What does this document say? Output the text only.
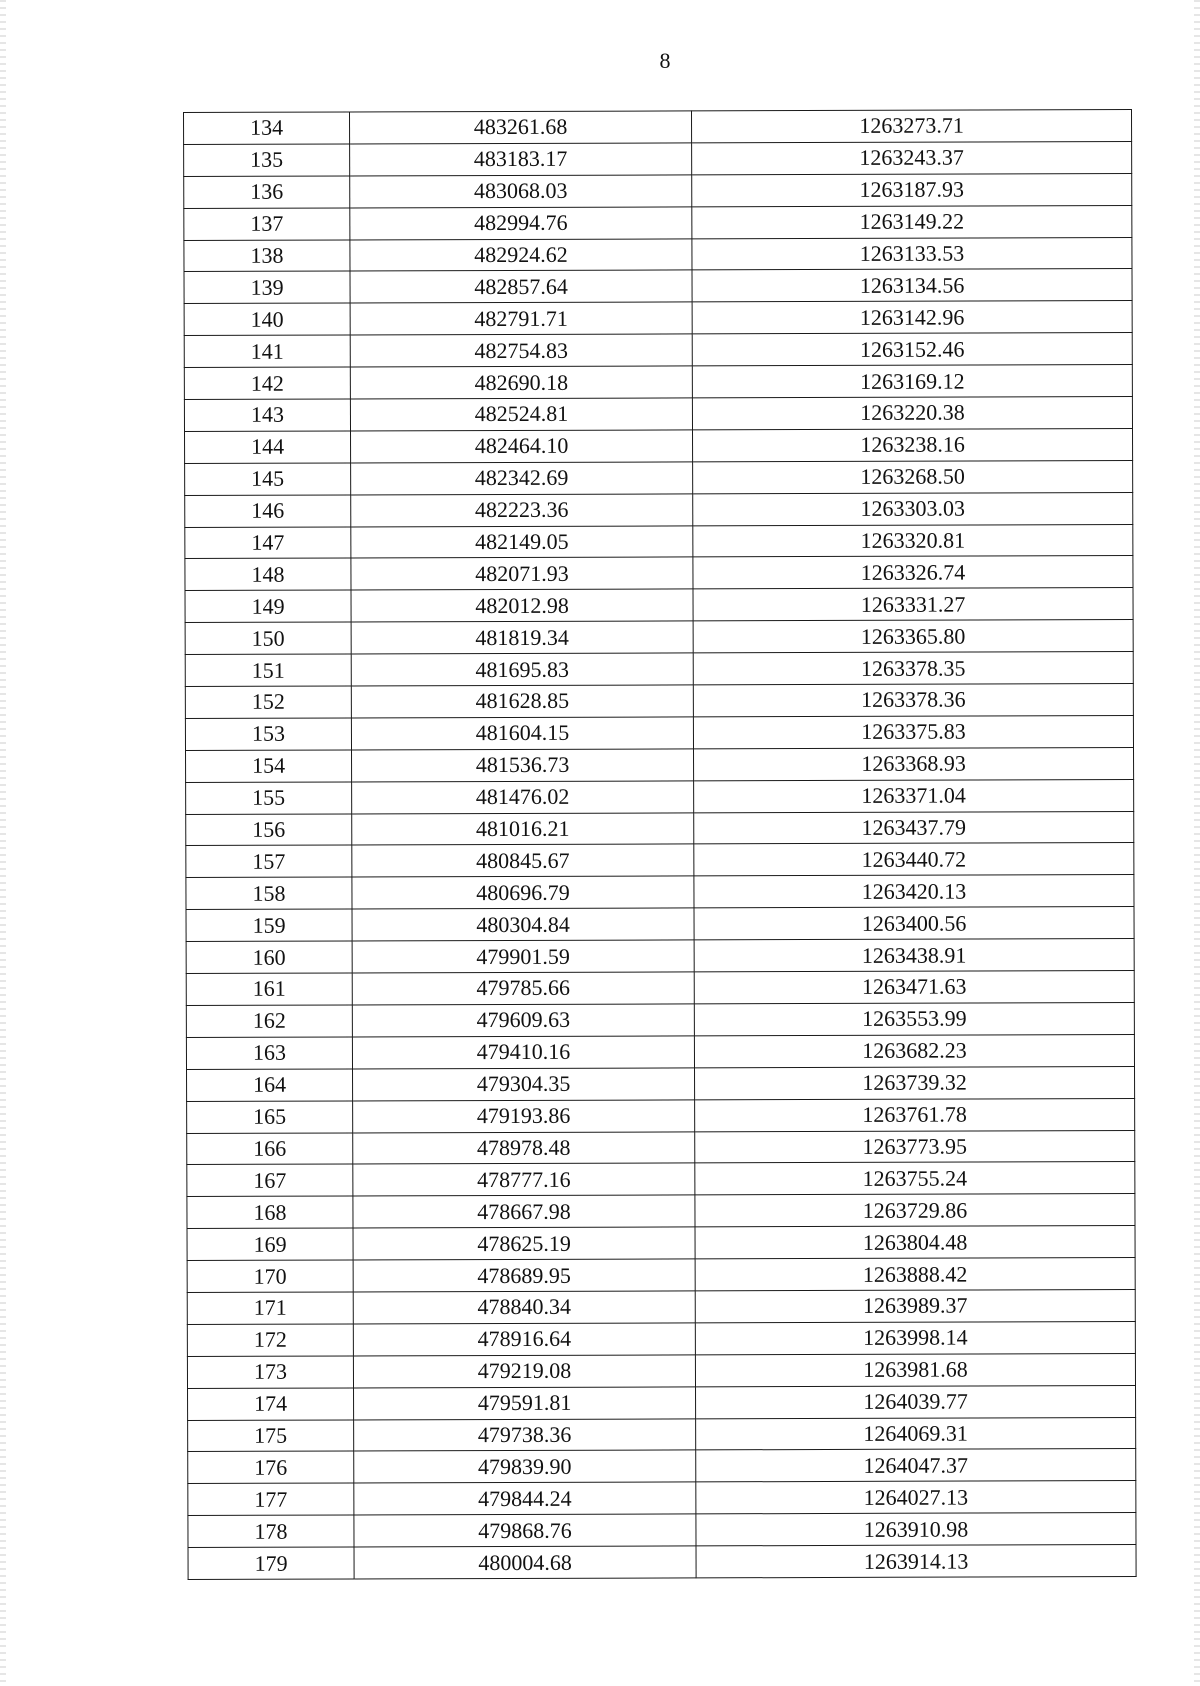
8
134	483261.68	1263273.71
135	483183.17	1263243.37
136	483068.03	1263187.93
137	482994.76	1263149.22
138	482924.62	1263133.53
139	482857.64	1263134.56
140	482791.71	1263142.96
141	482754.83	1263152.46
142	482690.18	1263169.12
143	482524.81	1263220.38
144	482464.10	1263238.16
145	482342.69	1263268.50
146	482223.36	1263303.03
147	482149.05	1263320.81
148	482071.93	1263326.74
149	482012.98	1263331.27
150	481819.34	1263365.80
151	481695.83	1263378.35
152	481628.85	1263378.36
153	481604.15	1263375.83
154	481536.73	1263368.93
155	481476.02	1263371.04
156	481016.21	1263437.79
157	480845.67	1263440.72
158	480696.79	1263420.13
159	480304.84	1263400.56
160	479901.59	1263438.91
161	479785.66	1263471.63
162	479609.63	1263553.99
163	479410.16	1263682.23
164	479304.35	1263739.32
165	479193.86	1263761.78
166	478978.48	1263773.95
167	478777.16	1263755.24
168	478667.98	1263729.86
169	478625.19	1263804.48
170	478689.95	1263888.42
171	478840.34	1263989.37
172	478916.64	1263998.14
173	479219.08	1263981.68
174	479591.81	1264039.77
175	479738.36	1264069.31
176	479839.90	1264047.37
177	479844.24	1264027.13
178	479868.76	1263910.98
179	480004.68	1263914.13
